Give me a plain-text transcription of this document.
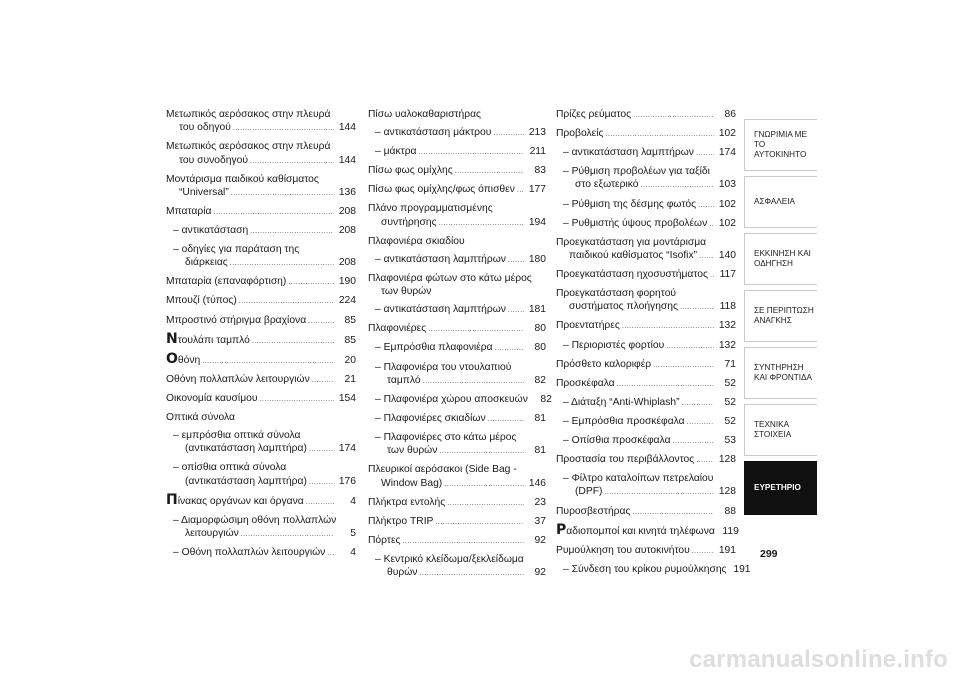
Μετωπικός αερόσακος στην πλευρά
του οδηγού .....	144
Μετωπικός αερόσακος στην πλευρά
του συνοδηγού .....	144
Μοντάρισμα παιδικού καθίσματος
“Universal” .....	136
Μπαταρία .....	208
– αντικατάσταση .....	208
– οδηγίες για παράταση της
διάρκειας .....	208
Μπαταρία (επαναφόρτιση) .....	190
Μπουζί (τύπος) .....	224
Μπροστινό στήριγμα βραχίονα .....	85
Ντουλάπι ταμπλό .....	85
Οθόνη .....	20
Οθόνη πολλαπλών λειτουργιών .....	21
Οικονομία καυσίμου .....	154
Οπτικά σύνολα
– εμπρόσθια οπτικά σύνολα
(αντικατάσταση λαμπτήρα) .....	174
– οπίσθια οπτικά σύνολα
(αντικατάσταση λαμπτήρα) .....	176
Πίνακας οργάνων και όργανα .....	4
– Διαμορφώσιμη οθόνη πολλαπλών
λειτουργιών .....	5
– Οθόνη πολλαπλών λειτουργιών .....	4
Πίσω υαλοκαθαριστήρας
– αντικατάσταση μάκτρου .....	213
– μάκτρα .....	211
Πίσω φως ομίχλης .....	83
Πίσω φως ομίχλης/φως όπισθεν ..... 177
Πλάνο προγραμματισμένης
συντήρησης .....	194
Πλαφονιέρα σκιαδίου
– αντικατάσταση λαμπτήρων ..... 180
Πλαφονιέρα φώτων στο κάτω μέρος
των θυρών
– αντικατάσταση λαμπτήρων ..... 181
Πλαφονιέρες .....	80
– Εμπρόσθια πλαφονιέρα .....	80
– Πλαφονιέρα του ντουλαπιού
ταμπλό .....	82
– Πλαφονιέρα χώρου αποσκευών	82
– Πλαφονιέρες σκιαδίων .....	81
– Πλαφονιέρες στο κάτω μέρος
των θυρών .....	81
Πλευρικοί αερόσακοι (Side Bag -
Window Bag) .....	146
Πλήκτρα εντολής .....	23
Πλήκτρο TRIP .....	37
Πόρτες .....	92
– Κεντρικό κλείδωμα/ξεκλείδωμα
θυρών .....	92
Πρίζες ρεύματος .....	86
Προβολείς .....	102
– αντικατάσταση λαμπτήρων ..... 174
– Ρύθμιση προβολέων για ταξίδι
στο εξωτερικό .....	103
– Ρύθμιση της δέσμης φωτός ..... 102
– Ρυθμιστής ύψους προβολέων ..... 102
Προεγκατάσταση για μοντάρισμα
παιδικού καθίσματος “Isofix” ..... 140
Προεγκατάσταση ηχοσυστήματος .....	117
Προεγκατάσταση φορητού
συστήματος πλοήγησης .....	118
Προεντατήρες .....	132
– Περιοριστές φορτίου .....	132
Πρόσθετο καλοριφέρ .....	71
Προσκέφαλα .....	52
– Διάταξη “Anti-Whiplash” .....	52
– Εμπρόσθια προσκέφαλα .....	52
– Οπίσθια προσκέφαλα .....	53
Προστασία του περιβάλλοντος ..... 128
– Φίλτρο καταλοίπων πετρελαίου
(DPF) .....	128
Πυροσβεστήρας .....	88
Ραδιοπομποί και κινητά τηλέφωνα 119
Ρυμούλκηση του αυτοκινήτου .....	191
– Σύνδεση του κρίκου ρυμούλκησης 191
ΓΝΩΡΙΜΙΑ ΜΕ ΤΟ ΑΥΤΟΚΙΝΗΤΟ
ΑΣΦΑΛΕΙΑ
ΕΚΚΙΝΗΣΗ ΚΑΙ ΟΔΗΓΗΣΗ
ΣΕ ΠΕΡΙΠΤΩΣΗ ΑΝΑΓΚΗΣ
ΣΥΝΤΗΡΗΣΗ ΚΑΙ ΦΡΟΝΤΙΔΑ
ΤΕΧΝΙΚΑ ΣΤΟΙΧΕΙΑ
ΕΥΡΕΤΗΡΙΟ
299
carmanualsonline.info
